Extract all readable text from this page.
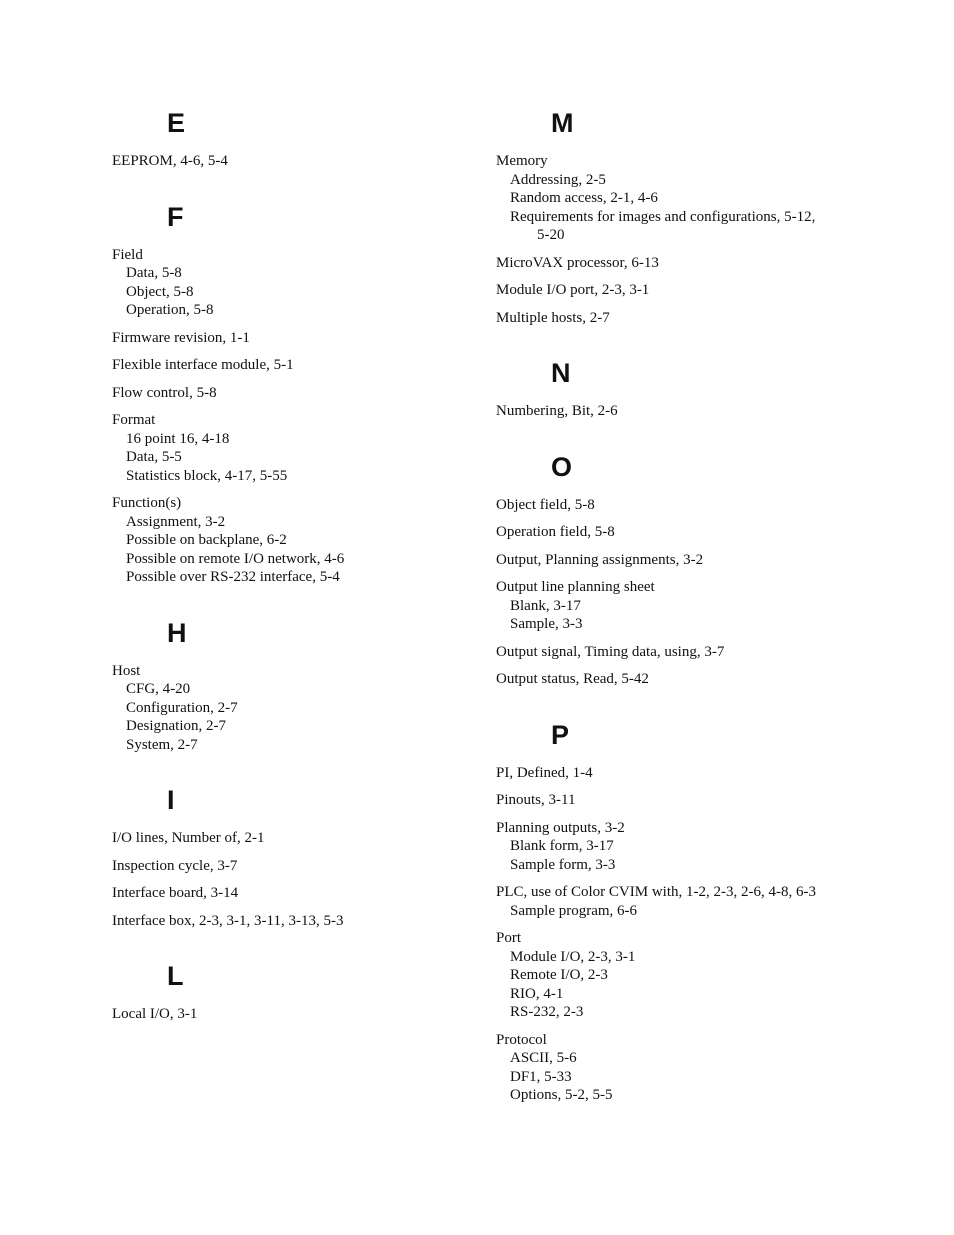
E
EEPROM, 4-6, 5-4
F
Field
Data, 5-8
Object, 5-8
Operation, 5-8
Firmware revision, 1-1
Flexible interface module, 5-1
Flow control, 5-8
Format
16 point 16, 4-18
Data, 5-5
Statistics block, 4-17, 5-55
Function(s)
Assignment, 3-2
Possible on backplane, 6-2
Possible on remote I/O network, 4-6
Possible over RS-232 interface, 5-4
H
Host
CFG, 4-20
Configuration, 2-7
Designation, 2-7
System, 2-7
I
I/O lines, Number of, 2-1
Inspection cycle, 3-7
Interface board, 3-14
Interface box, 2-3, 3-1, 3-11, 3-13, 5-3
L
Local I/O, 3-1
M
Memory
Addressing, 2-5
Random access, 2-1, 4-6
Requirements for images and configurations, 5-12, 5-20
MicroVAX processor, 6-13
Module I/O port, 2-3, 3-1
Multiple hosts, 2-7
N
Numbering, Bit, 2-6
O
Object field, 5-8
Operation field, 5-8
Output, Planning assignments, 3-2
Output line planning sheet
Blank, 3-17
Sample, 3-3
Output signal, Timing data, using, 3-7
Output status, Read, 5-42
P
PI, Defined, 1-4
Pinouts, 3-11
Planning outputs, 3-2
Blank form, 3-17
Sample form, 3-3
PLC, use of Color CVIM with, 1-2, 2-3, 2-6, 4-8, 6-3
Sample program, 6-6
Port
Module I/O, 2-3, 3-1
Remote I/O, 2-3
RIO, 4-1
RS-232, 2-3
Protocol
ASCII, 5-6
DF1, 5-33
Options, 5-2, 5-5
